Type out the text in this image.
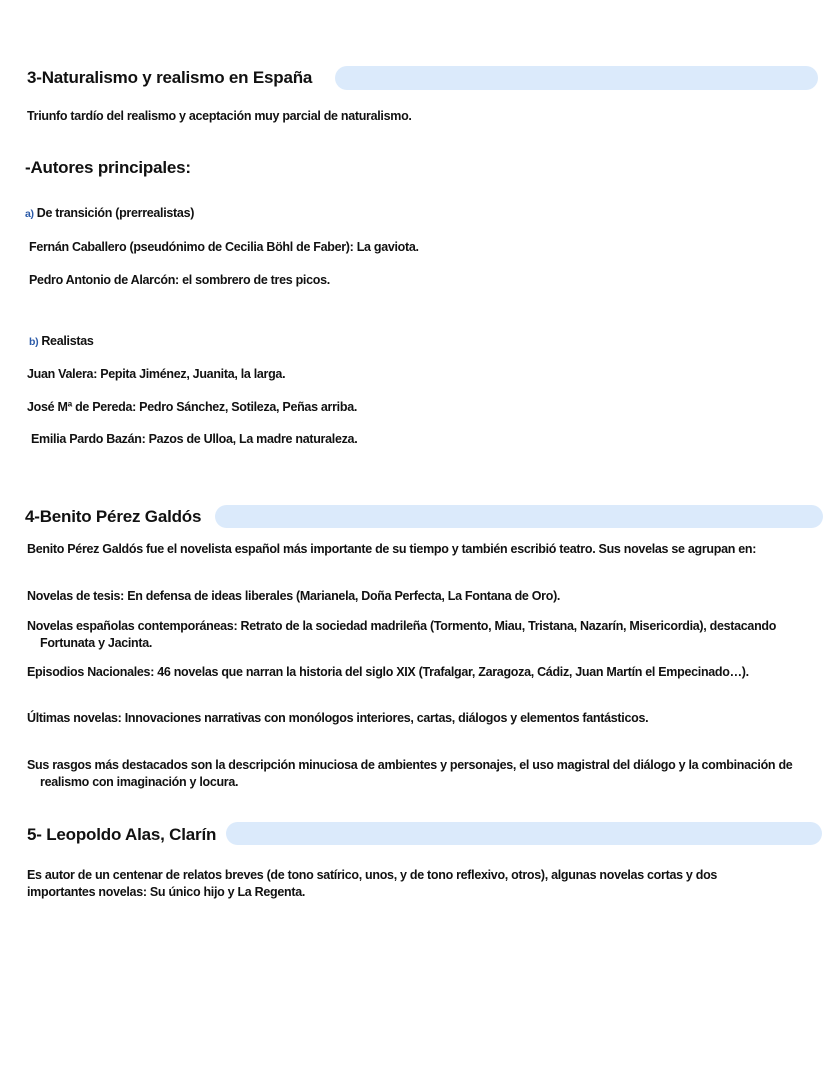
3-Naturalismo y realismo en España
Triunfo tardío del realismo y aceptación muy parcial de naturalismo.
-Autores principales:
a) De transición (prerrealistas)
Fernán Caballero (pseudónimo de Cecilia Böhl de Faber): La gaviota.
Pedro Antonio de Alarcón: el sombrero de tres picos.
b) Realistas
Juan Valera: Pepita Jiménez, Juanita, la larga.
José Mª de Pereda: Pedro Sánchez, Sotileza, Peñas arriba.
Emilia Pardo Bazán: Pazos de Ulloa, La madre naturaleza.
4-Benito Pérez Galdós
Benito Pérez Galdós fue el novelista español más importante de su tiempo y también escribió teatro. Sus novelas se agrupan en:
Novelas de tesis: En defensa de ideas liberales (Marianela, Doña Perfecta, La Fontana de Oro).
Novelas españolas contemporáneas: Retrato de la sociedad madrileña (Tormento, Miau, Tristana, Nazarín, Misericordia), destacando Fortunata y Jacinta.
Episodios Nacionales: 46 novelas que narran la historia del siglo XIX (Trafalgar, Zaragoza, Cádiz, Juan Martín el Empecinado…).
Últimas novelas: Innovaciones narrativas con monólogos interiores, cartas, diálogos y elementos fantásticos.
Sus rasgos más destacados son la descripción minuciosa de ambientes y personajes, el uso magistral del diálogo y la combinación de realismo con imaginación y locura.
5- Leopoldo Alas, Clarín
Es autor de un centenar de relatos breves (de tono satírico, unos, y de tono reflexivo, otros), algunas novelas cortas y dos importantes novelas: Su único hijo y La Regenta.
